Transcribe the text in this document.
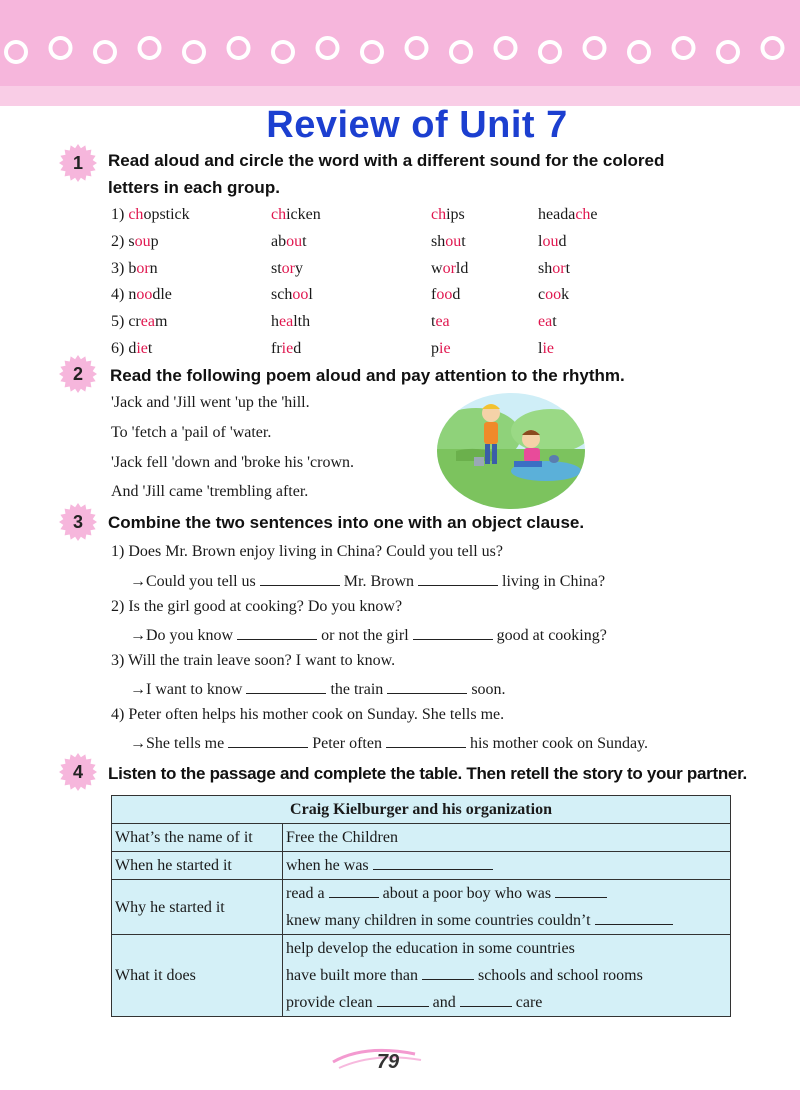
Review of Unit 7
1	Read aloud and circle the word with a different sound for the colored
letters in each group.
1) chopstick	chicken	chips	headache
2) soup	about	shout	loud
3) born	story	world	short
4) noodle	school	food	cook
5) cream	health	tea	eat
6) diet	fried	pie	lie
2	Read the following poem aloud and pay attention to the rhythm.
'Jack and 'Jill went 'up the 'hill.
To 'fetch a 'pail of 'water.
'Jack fell 'down and 'broke his 'crown.
And 'Jill came 'trembling after.
3	Combine the two sentences into one with an object clause.
1) Does Mr. Brown enjoy living in China? Could you tell us?
→Could you tell us	Mr. Brown	living in China?
2) Is the girl good at cooking? Do you know?
→Do you know	or not the girl	good at cooking?
3) Will the train leave soon? I want to know.
→I want to know	the train	soon.
4) Peter often helps his mother cook on Sunday. She tells me.
→She tells me	Peter often	his mother cook on Sunday.
4	Listen to the passage and complete the table. Then retell the story to your partner.
Craig Kielburger and his organization	

What’s the name of it	Free the Children

When he started it	when he was

Why he started it	read a about a poor boy who was
knew many children in some countries couldn’t

What it does	help develop the education in some countries
have built more than schools and school rooms
provide clean and care
79
